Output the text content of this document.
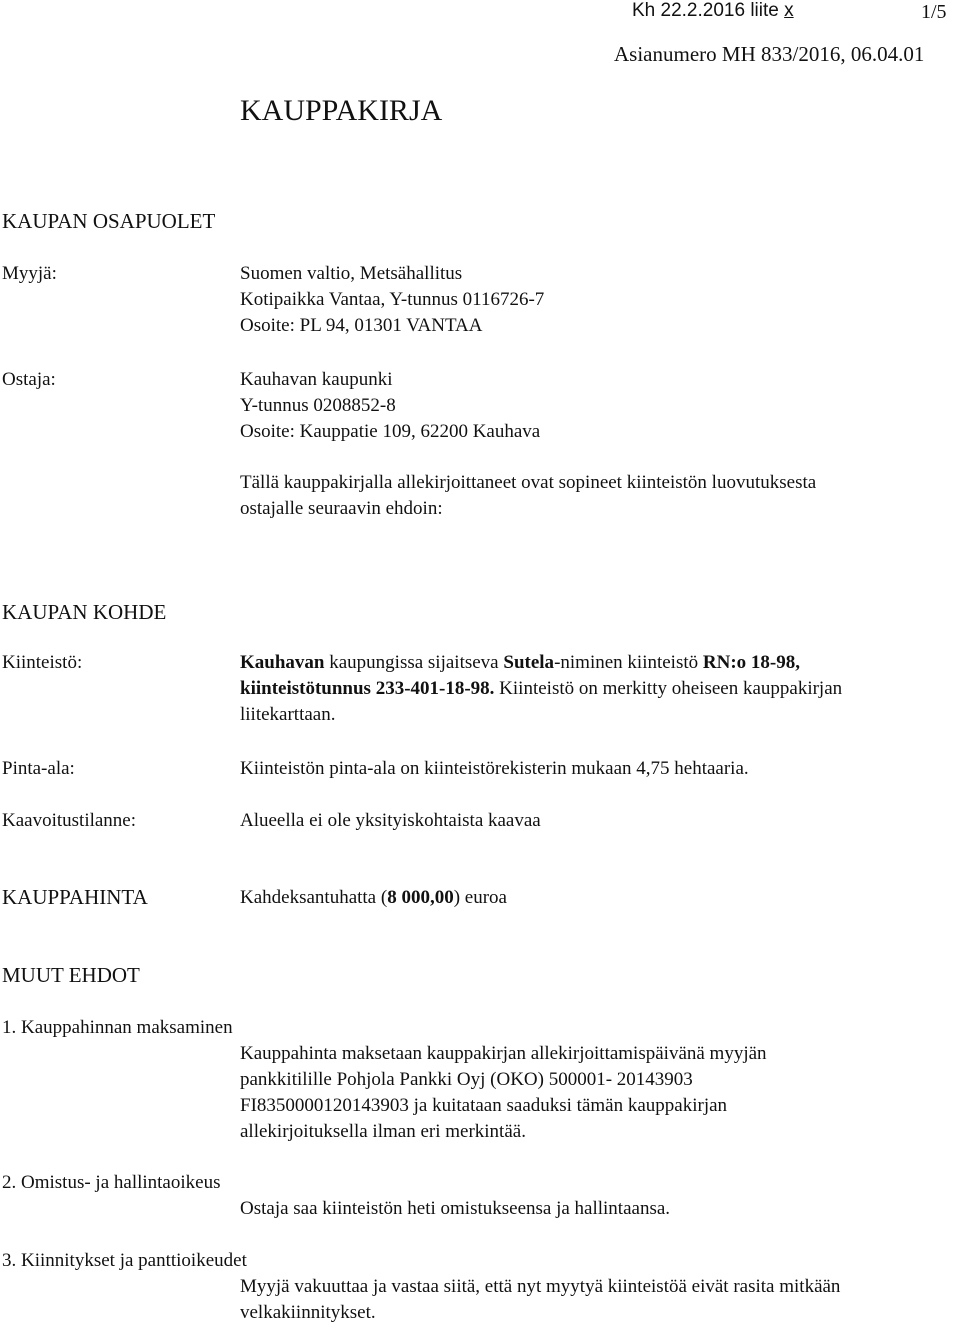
Kh 22.2.2016 liite x	1/5
Asianumero MH 833/2016, 06.04.01
KAUPPAKIRJA
KAUPAN OSAPUOLET
Myyjä:	Suomen valtio, Metsähallitus
Kotipaikka Vantaa, Y-tunnus 0116726-7
Osoite: PL 94, 01301 VANTAA
Ostaja:	Kauhavan kaupunki
Y-tunnus 0208852-8
Osoite: Kauppatie 109, 62200 Kauhava
Tällä kauppakirjalla allekirjoittaneet ovat sopineet kiinteistön luovutuksesta
ostajalle seuraavin ehdoin:
KAUPAN KOHDE
Kiinteistö:	Kauhavan kaupungissa sijaitseva Sutela-niminen kiinteistö RN:o 18-98,
kiinteistötunnus 233-401-18-98. Kiinteistö on merkitty oheiseen kauppakirjan
liitekarttaan.
Pinta-ala:	Kiinteistön pinta-ala on kiinteistörekisterin mukaan 4,75 hehtaaria.
Kaavoitustilanne:	Alueella ei ole yksityiskohtaista kaavaa
KAUPPAHINTA	Kahdeksantuhatta (8 000,00) euroa
MUUT EHDOT
1. Kauppahinnan maksaminen
Kauppahinta maksetaan kauppakirjan allekirjoittamispäivänä myyjän
pankkitilille Pohjola Pankki Oyj (OKO) 500001- 20143903
FI8350000120143903 ja kuitataan saaduksi tämän kauppakirjan
allekirjoituksella ilman eri merkintää.
2. Omistus- ja hallintaoikeus
Ostaja saa kiinteistön heti omistukseensa ja hallintaansa.
3. Kiinnitykset ja panttioikeudet
Myyjä vakuuttaa ja vastaa siitä, että nyt myytyä kiinteistöä eivät rasita mitkään
velkakiinnitykset.
